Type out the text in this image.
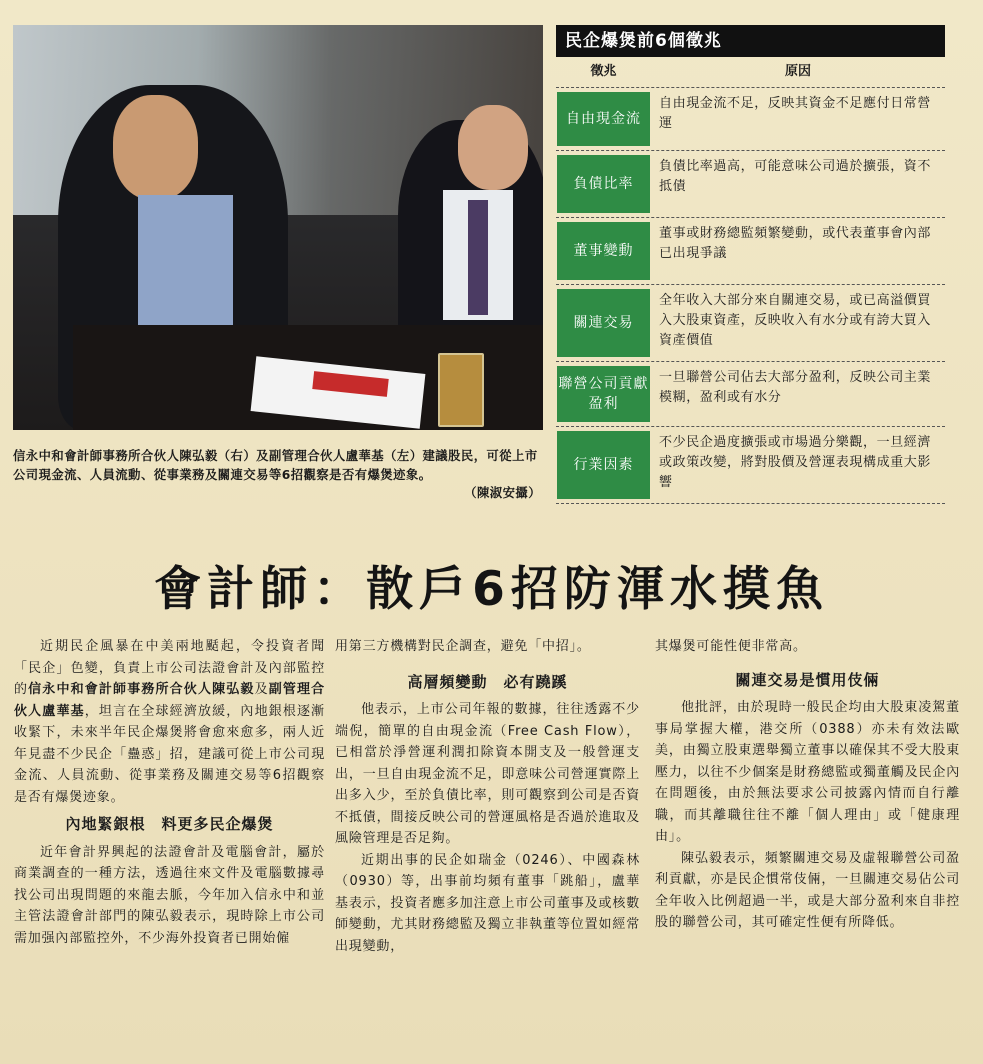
信永中和會計師事務所合伙人陳弘毅（右）及副管理合伙人盧華基（左）建議股民，可從上市公司現金流、人員流動、從事業務及關連交易等6招觀察是否有爆煲迹象。
（陳淑安攝）
民企爆煲前6個徵兆
徵兆	原因
自由現金流
自由現金流不足，反映其資金不足應付日常營運
負債比率
負債比率過高，可能意味公司過於擴張，資不抵債
董事變動
董事或財務總監頻繁變動，或代表董事會內部已出現爭議
關連交易
全年收入大部分來自關連交易，或已高溢價買入大股東資產，反映收入有水分或有誇大買入資產價值
聯營公司貢獻盈利
一旦聯營公司佔去大部分盈利，反映公司主業模糊，盈利或有水分
行業因素
不少民企過度擴張或市場過分樂觀，一旦經濟或政策改變，將對股價及營運表現構成重大影響
會計師：散戶6招防渾水摸魚

近期民企風暴在中美兩地颳起，令投資者聞「民企」色變，負責上市公司法證會計及內部監控的信永中和會計師事務所合伙人陳弘毅及副管理合伙人盧華基，坦言在全球經濟放緩，內地銀根逐漸收緊下，未來半年民企爆煲將會愈來愈多，兩人近年見盡不少民企「蠱惑」招，建議可從上市公司現金流、人員流動、從事業務及關連交易等6招觀察是否有爆煲迹象。

內地緊銀根　料更多民企爆煲

近年會計界興起的法證會計及電腦會計，屬於商業調查的一種方法，透過往來文件及電腦數據尋找公司出現問題的來龍去脈，今年加入信永中和並主管法證會計部門的陳弘毅表示，現時除上市公司需加强內部監控外，不少海外投資者已開始僱

用第三方機構對民企調查，避免「中招」。

高層頻變動　必有蹺蹊

他表示，上市公司年報的數據，往往透露不少端倪，簡單的自由現金流（Free Cash Flow），已相當於淨營運利潤扣除資本開支及一般營運支出，一旦自由現金流不足，即意味公司營運實際上出多入少，至於負債比率，則可觀察到公司是否資不抵債，間接反映公司的營運風格是否過於進取及風險管理是否足夠。

近期出事的民企如瑞金（0246）、中國森林（0930）等，出事前均頻有董事「跳船」，盧華基表示，投資者應多加注意上市公司董事及或核數師變動，尤其財務總監及獨立非執董等位置如經常出現變動，

其爆煲可能性便非常高。

關連交易是慣用伎倆

他批評，由於現時一般民企均由大股東凌駕董事局掌握大權，港交所（0388）亦未有效法歐美，由獨立股東選舉獨立董事以確保其不受大股東壓力，以往不少個案是財務總監或獨董觸及民企內在問題後，由於無法要求公司披露內情而自行離職，而其離職往往不離「個人理由」或「健康理由」。

陳弘毅表示，頻繁關連交易及虛報聯營公司盈利貢獻，亦是民企慣常伎倆，一旦關連交易佔公司全年收入比例超過一半，或是大部分盈利來自非控股的聯營公司，其可確定性便有所降低。
